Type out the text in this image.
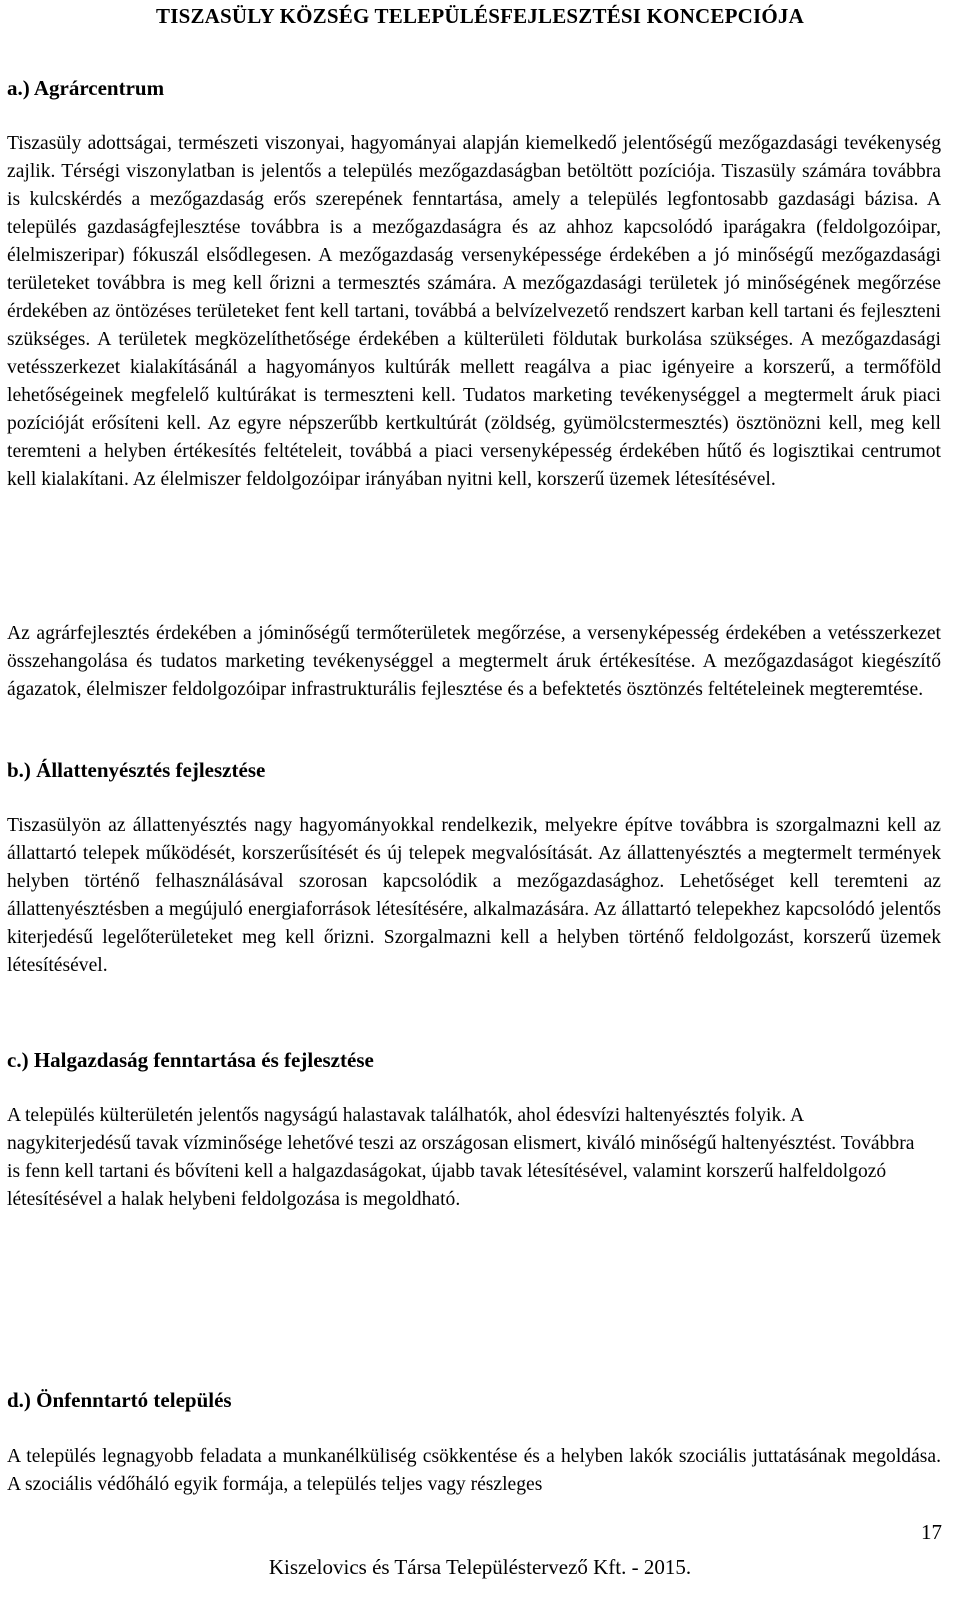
TISZASÜLY KÖZSÉG TELEPÜLÉSFEJLESZTÉSI KONCEPCIÓJA
a.) Agrárcentrum

Tiszasüly adottságai, természeti viszonyai, hagyományai alapján kiemelkedő jelentőségű mezőgazdasági tevékenység zajlik. Térségi viszonylatban is jelentős a település mezőgazdaságban betöltött pozíciója. Tiszasüly számára továbbra is kulcskérdés a mezőgazdaság erős szerepének fenntartása, amely a település legfontosabb gazdasági bázisa. A település gazdaságfejlesztése továbbra is a mezőgazdaságra és az ahhoz kapcsolódó iparágakra (feldolgozóipar, élelmiszeripar) fókuszál elsődlegesen. A mezőgazdaság versenyképessége érdekében a jó minőségű mezőgazdasági területeket továbbra is meg kell őrizni a termesztés számára. A mezőgazdasági területek jó minőségének megőrzése érdekében az öntözéses területeket fent kell tartani, továbbá a belvízelvezető rendszert karban kell tartani és fejleszteni szükséges. A területek megközelíthetősége érdekében a külterületi földutak burkolása szükséges. A mezőgazdasági vetésszerkezet kialakításánál a hagyományos kultúrák mellett reagálva a piac igényeire a korszerű, a termőföld lehetőségeinek megfelelő kultúrákat is termeszteni kell. Tudatos marketing tevékenységgel a megtermelt áruk piaci pozícióját erősíteni kell. Az egyre népszerűbb kertkultúrát (zöldség, gyümölcstermesztés) ösztönözni kell, meg kell teremteni a helyben értékesítés feltételeit, továbbá a piaci versenyképesség érdekében hűtő és logisztikai centrumot kell kialakítani. Az élelmiszer feldolgozóipar irányában nyitni kell, korszerű üzemek létesítésével.

Az agrárfejlesztés érdekében a jóminőségű termőterületek megőrzése, a versenyképesség érdekében a vetésszerkezet összehangolása és tudatos marketing tevékenységgel a megtermelt áruk értékesítése. A mezőgazdaságot kiegészítő ágazatok, élelmiszer feldolgozóipar infrastrukturális fejlesztése és a befektetés ösztönzés feltételeinek megteremtése.

b.) Állattenyésztés fejlesztése

Tiszasülyön az állattenyésztés nagy hagyományokkal rendelkezik, melyekre építve továbbra is szorgalmazni kell az állattartó telepek működését, korszerűsítését és új telepek megvalósítását. Az állattenyésztés a megtermelt termények helyben történő felhasználásával szorosan kapcsolódik a mezőgazdasághoz. Lehetőséget kell teremteni az állattenyésztésben a megújuló energiaforrások létesítésére, alkalmazására. Az állattartó telepekhez kapcsolódó jelentős kiterjedésű legelőterületeket meg kell őrizni. Szorgalmazni kell a helyben történő feldolgozást, korszerű üzemek létesítésével.

c.) Halgazdaság fenntartása és fejlesztése

A település külterületén jelentős nagyságú halastavak találhatók, ahol édesvízi haltenyésztés folyik. A nagykiterjedésű tavak vízminősége lehetővé teszi az országosan elismert, kiváló minőségű haltenyésztést. Továbbra is fenn kell tartani és bővíteni kell a halgazdaságokat, újabb tavak létesítésével, valamint korszerű halfeldolgozó létesítésével a halak helybeni feldolgozása is megoldható.

d.) Önfenntartó település

A település legnagyobb feladata a munkanélküliség csökkentése és a helyben lakók szociális juttatásának megoldása. A szociális védőháló egyik formája, a település teljes vagy részleges

17
Kiszelovics és Társa Településtervező Kft. - 2015.
